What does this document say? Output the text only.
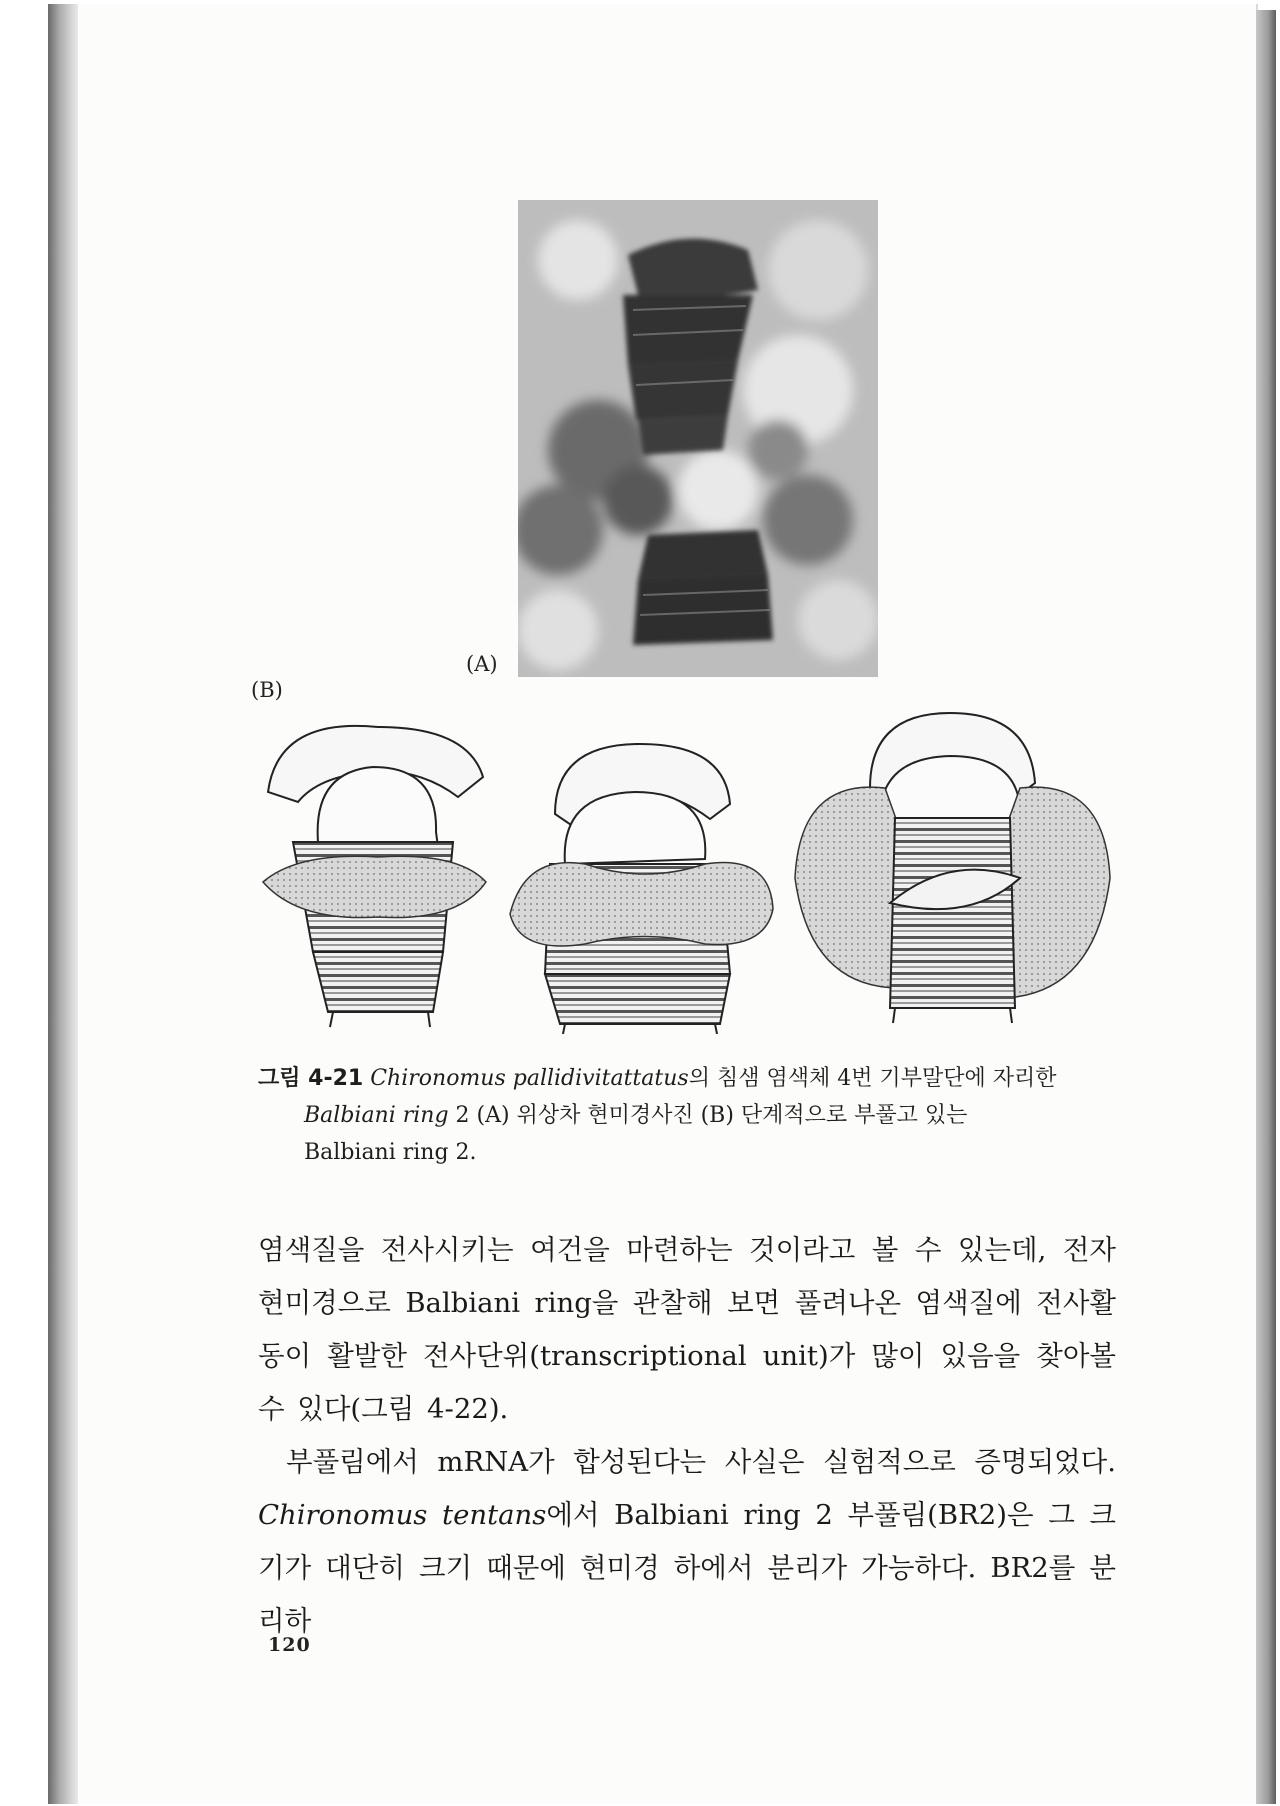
(A)
(B)
그림 4-21 Chironomus pallidivitattatus의 침샘 염색체 4번 기부말단에 자리한
Balbiani ring 2 (A) 위상차 현미경사진 (B) 단계적으로 부풀고 있는
Balbiani ring 2.

염색질을 전사시키는 여건을 마련하는 것이라고 볼 수 있는데, 전자 현미경으로 Balbiani ring을 관찰해 보면 풀려나온 염색질에 전사활동이 활발한 전사단위(transcriptional unit)가 많이 있음을 찾아볼 수 있다(그림 4-22).

부풀림에서 mRNA가 합성된다는 사실은 실험적으로 증명되었다. Chironomus tentans에서 Balbiani ring 2 부풀림(BR2)은 그 크기가 대단히 크기 때문에 현미경 하에서 분리가 가능하다. BR2를 분리하

120
